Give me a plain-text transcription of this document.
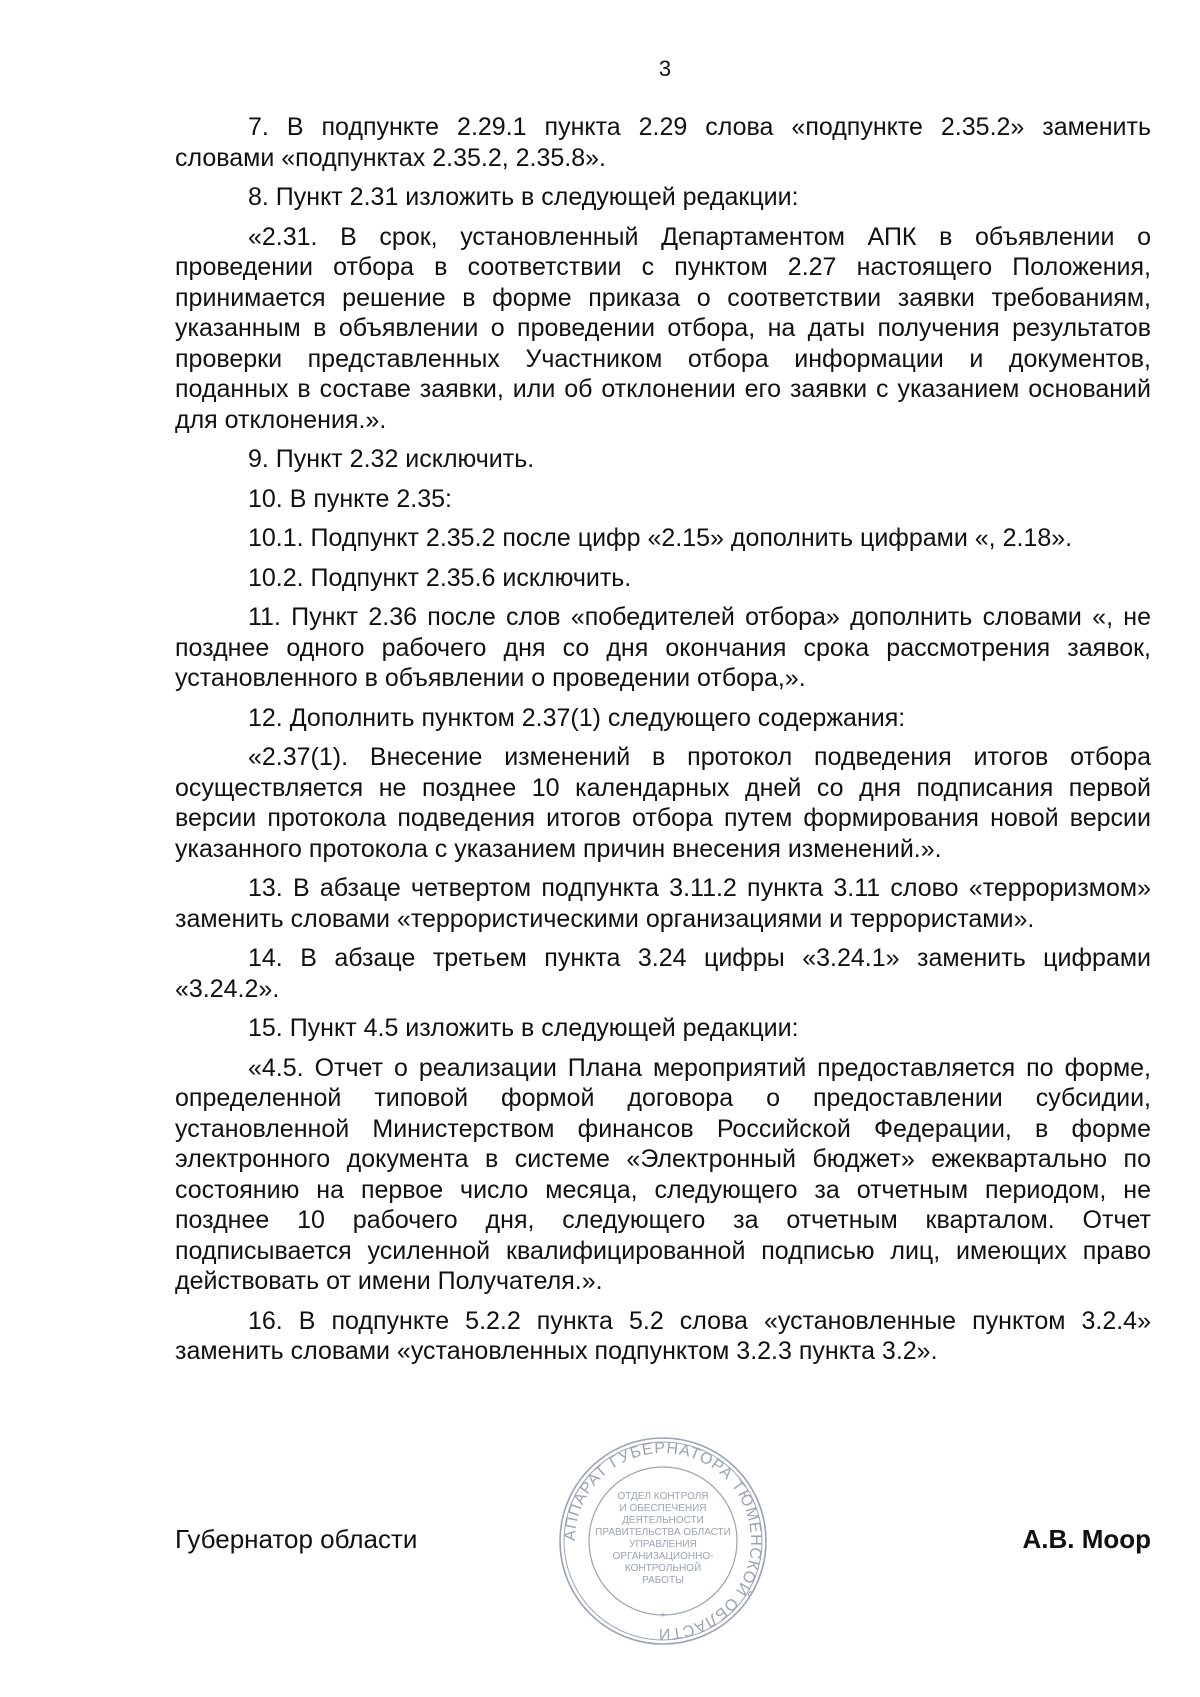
3

7. В подпункте 2.29.1 пункта 2.29 слова «подпункте 2.35.2» заменить словами «подпунктах 2.35.2, 2.35.8».

8. Пункт 2.31 изложить в следующей редакции:

«2.31. В срок, установленный Департаментом АПК в объявлении о проведении отбора в соответствии с пунктом 2.27 настоящего Положения, принимается решение в форме приказа о соответствии заявки требованиям, указанным в объявлении о проведении отбора, на даты получения результатов проверки представленных Участником отбора информации и документов, поданных в составе заявки, или об отклонении его заявки с указанием оснований для отклонения.».

9. Пункт 2.32 исключить.

10. В пункте 2.35:

10.1. Подпункт 2.35.2 после цифр «2.15» дополнить цифрами «, 2.18».

10.2. Подпункт 2.35.6 исключить.

11. Пункт 2.36 после слов «победителей отбора» дополнить словами «, не позднее одного рабочего дня со дня окончания срока рассмотрения заявок, установленного в объявлении о проведении отбора,».

12. Дополнить пунктом 2.37(1) следующего содержания:

«2.37(1). Внесение изменений в протокол подведения итогов отбора осуществляется не позднее 10 календарных дней со дня подписания первой версии протокола подведения итогов отбора путем формирования новой версии указанного протокола с указанием причин внесения изменений.».

13. В абзаце четвертом подпункта 3.11.2 пункта 3.11 слово «терроризмом» заменить словами «террористическими организациями и террористами».

14. В абзаце третьем пункта 3.24 цифры «3.24.1» заменить цифрами «3.24.2».

15. Пункт 4.5 изложить в следующей редакции:

«4.5. Отчет о реализации Плана мероприятий предоставляется по форме, определенной типовой формой договора о предоставлении субсидии, установленной Министерством финансов Российской Федерации, в форме электронного документа в системе «Электронный бюджет» ежеквартально по состоянию на первое число месяца, следующего за отчетным периодом, не позднее 10 рабочего дня, следующего за отчетным кварталом. Отчет подписывается усиленной квалифицированной подписью лиц, имеющих право действовать от имени Получателя.».

16. В подпункте 5.2.2 пункта 5.2 слова «установленные пунктом 3.2.4» заменить словами «установленных подпунктом 3.2.3 пункта 3.2».

Губернатор области	А.В. Моор
АППАРАТ ГУБЕРНАТОРА ТЮМЕНСКОЙ ОБЛАСТИ
*
ОТДЕЛ КОНТРОЛЯ
И ОБЕСПЕЧЕНИЯ
ДЕЯТЕЛЬНОСТИ
ПРАВИТЕЛЬСТВА ОБЛАСТИ
УПРАВЛЕНИЯ
ОРГАНИЗАЦИОННО-
КОНТРОЛЬНОЙ
РАБОТЫ
